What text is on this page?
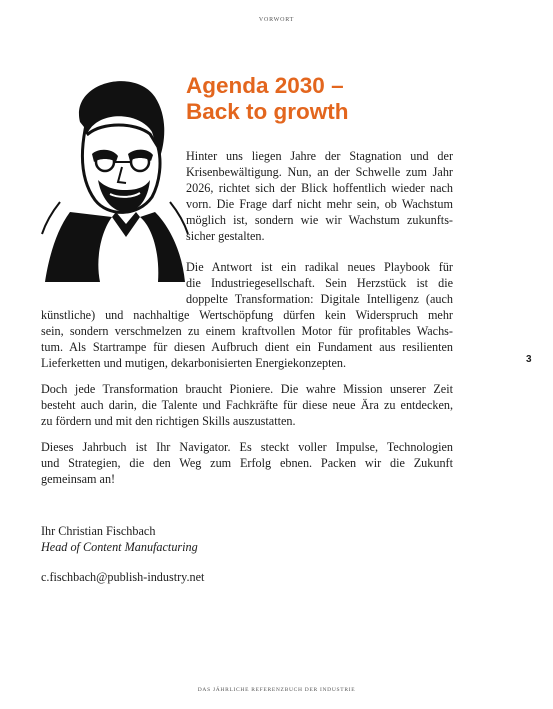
VORWORT
Agenda 2030 –
Back to growth
Hinter uns liegen Jahre der Stagnation und der
Krisenbewältigung. Nun, an der Schwelle zum Jahr
2026, richtet sich der Blick hoffentlich wieder nach
vorn. Die Frage darf nicht mehr sein, ob Wachstum
möglich ist, sondern wie wir Wachstum zukunfts-
sicher gestalten.
Die Antwort ist ein radikal neues Playbook für
die Industriegesellschaft. Sein Herzstück ist die
doppelte Transformation: Digitale Intelligenz (auch
künstliche) und nachhaltige Wertschöpfung dürfen kein Widerspruch mehr
sein, sondern verschmelzen zu einem kraftvollen Motor für profitables Wachs-
tum. Als Startrampe für diesen Aufbruch dient ein Fundament aus resilienten
Lieferketten und mutigen, dekarbonisierten Energiekonzepten.
Doch jede Transformation braucht Pioniere. Die wahre Mission unserer Zeit
besteht auch darin, die Talente und Fachkräfte für diese neue Ära zu entdecken,
zu fördern und mit den richtigen Skills auszustatten.
Dieses Jahrbuch ist Ihr Navigator. Es steckt voller Impulse, Technologien
und Strategien, die den Weg zum Erfolg ebnen. Packen wir die Zukunft
gemeinsam an!
Ihr Christian Fischbach
Head of Content Manufacturing
c.fischbach@publish-industry.net
3
DAS JÄHRLICHE REFERENZBUCH DER INDUSTRIE
